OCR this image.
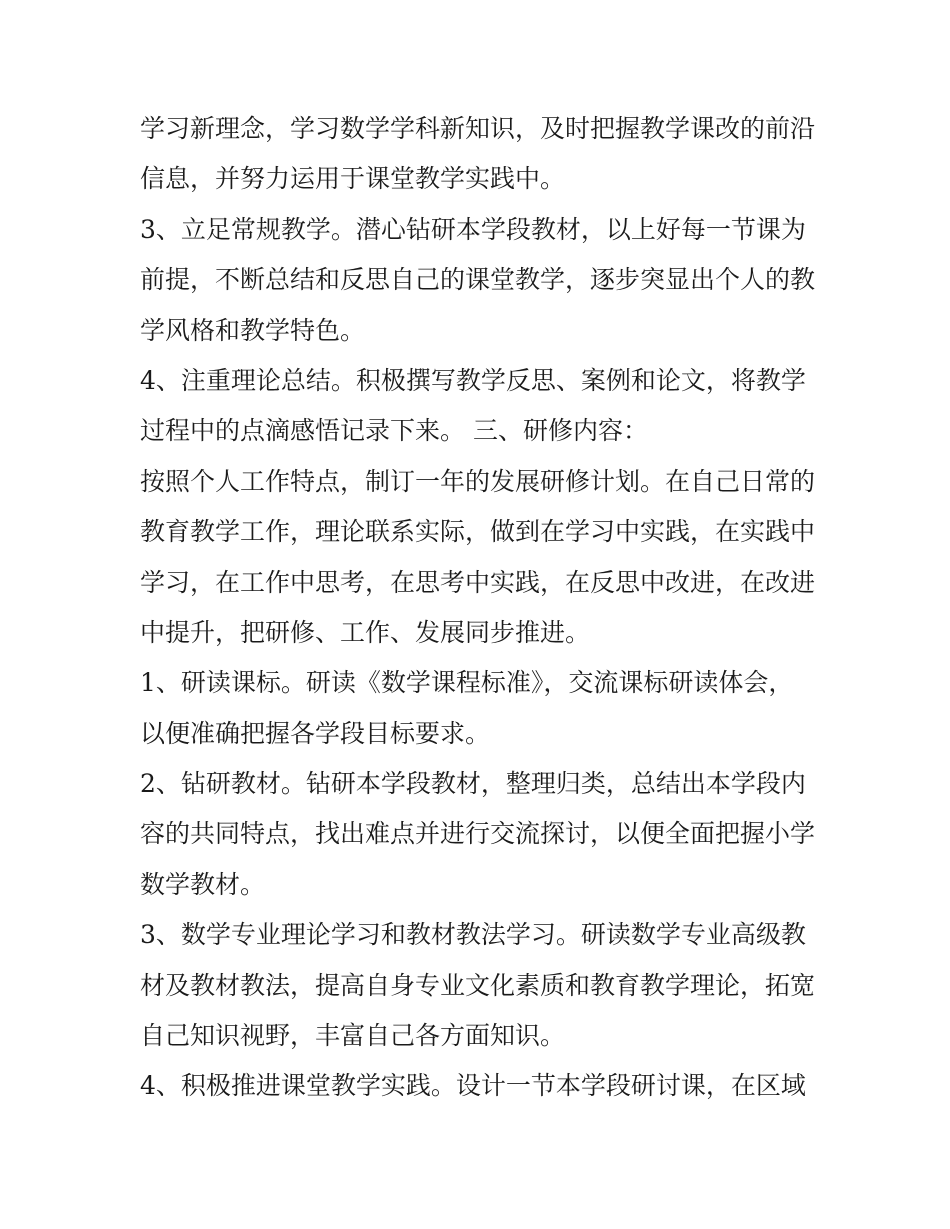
学习新理念，学习数学学科新知识，及时把握教学课改的前沿
信息，并努力运用于课堂教学实践中。
3、立足常规教学。潜心钻研本学段教材，以上好每一节课为
前提，不断总结和反思自己的课堂教学，逐步突显出个人的教
学风格和教学特色。
4、注重理论总结。积极撰写教学反思、案例和论文，将教学
过程中的点滴感悟记录下来。 三、研修内容：
按照个人工作特点，制订一年的发展研修计划。在自己日常的
教育教学工作，理论联系实际，做到在学习中实践，在实践中
学习，在工作中思考，在思考中实践，在反思中改进，在改进
中提升，把研修、工作、发展同步推进。
1、研读课标。研读《数学课程标准》，交流课标研读体会，
以便准确把握各学段目标要求。
2、钻研教材。钻研本学段教材，整理归类，总结出本学段内
容的共同特点，找出难点并进行交流探讨，以便全面把握小学
数学教材。
3、数学专业理论学习和教材教法学习。研读数学专业高级教
材及教材教法，提高自身专业文化素质和教育教学理论，拓宽
自己知识视野，丰富自己各方面知识。
4、积极推进课堂教学实践。设计一节本学段研讨课，在区域
